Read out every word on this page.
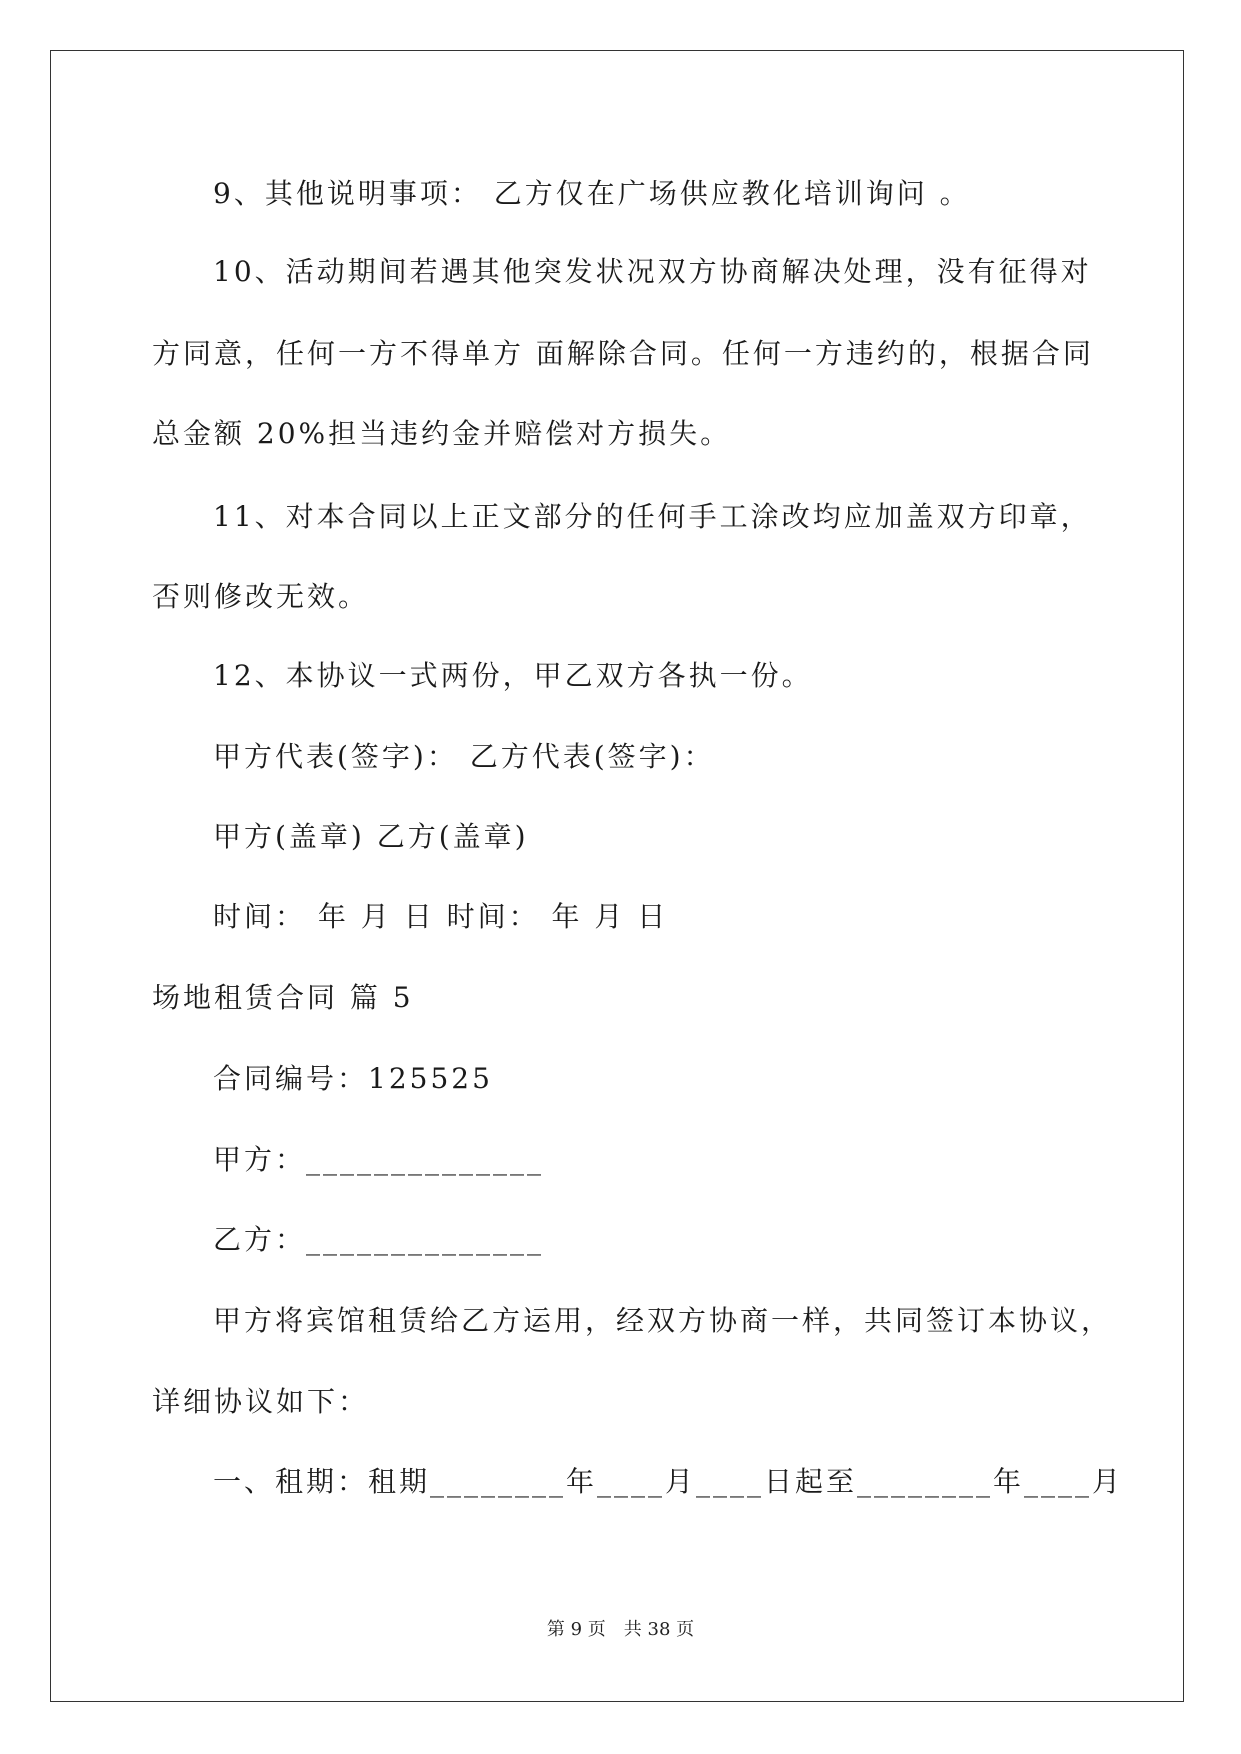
9、其他说明事项： 乙方仅在广场供应教化培训询问 。
10、活动期间若遇其他突发状况双方协商解决处理，没有征得对
方同意，任何一方不得单方 面解除合同。任何一方违约的，根据合同
总金额 20%担当违约金并赔偿对方损失。
11、对本合同以上正文部分的任何手工涂改均应加盖双方印章，
否则修改无效。
12、本协议一式两份，甲乙双方各执一份。
甲方代表(签字)： 乙方代表(签字)：
甲方(盖章) 乙方(盖章)
时间： 年 月 日 时间： 年 月 日
场地租赁合同 篇 5
合同编号：125525
甲方：______________
乙方：______________
甲方将宾馆租赁给乙方运用，经双方协商一样，共同签订本协议，
详细协议如下：
一、租期：租期________年____月____日起至________年____月
第 9 页　共 38 页
